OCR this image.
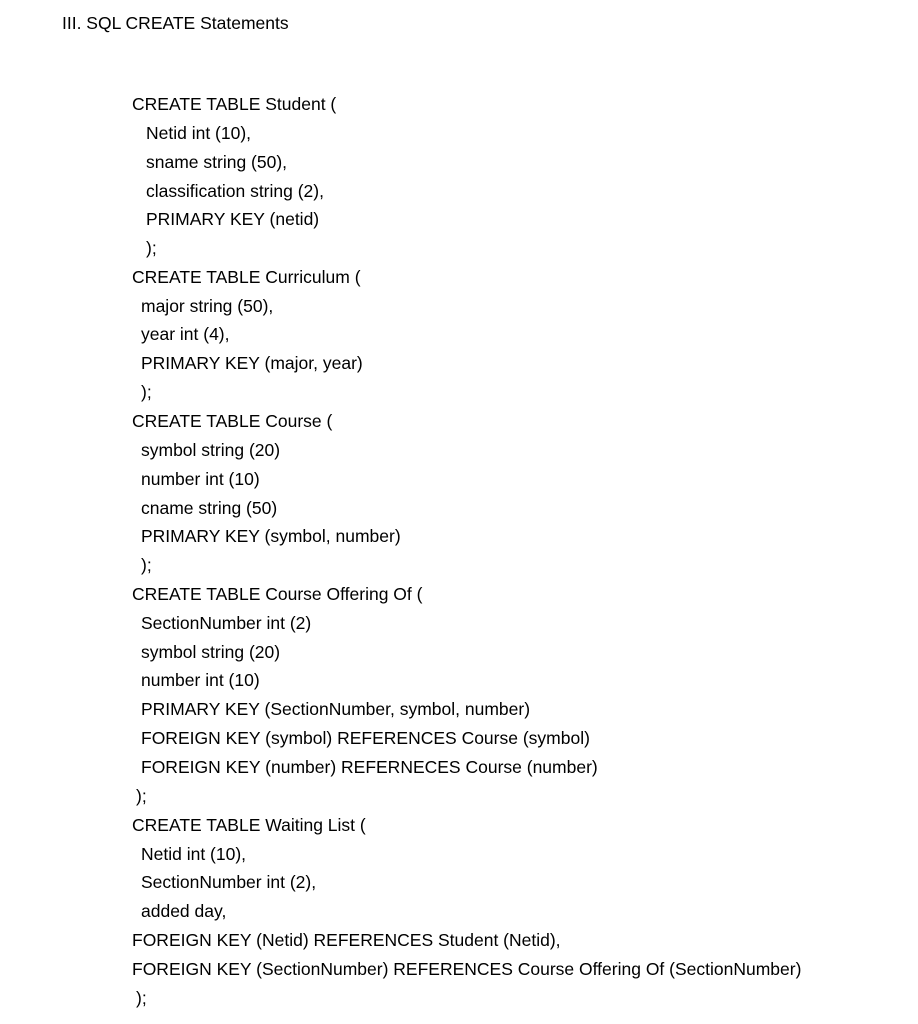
III. SQL CREATE Statements
CREATE TABLE Student (
Netid int (10),
sname string (50),
classification string (2),
PRIMARY KEY (netid)
);
CREATE TABLE Curriculum (
major string (50),
year int (4),
PRIMARY KEY (major, year)
);
CREATE TABLE Course (
symbol string (20)
number int (10)
cname string (50)
PRIMARY KEY (symbol, number)
);
CREATE TABLE Course Offering Of (
SectionNumber int (2)
symbol string (20)
number int (10)
PRIMARY KEY (SectionNumber, symbol, number)
FOREIGN KEY (symbol) REFERENCES Course (symbol)
FOREIGN KEY (number) REFERNECES Course (number)
);
CREATE TABLE Waiting List (
Netid int (10),
SectionNumber int (2),
added day,
FOREIGN KEY (Netid) REFERENCES Student (Netid),
FOREIGN KEY (SectionNumber) REFERENCES Course Offering Of (SectionNumber)
);
